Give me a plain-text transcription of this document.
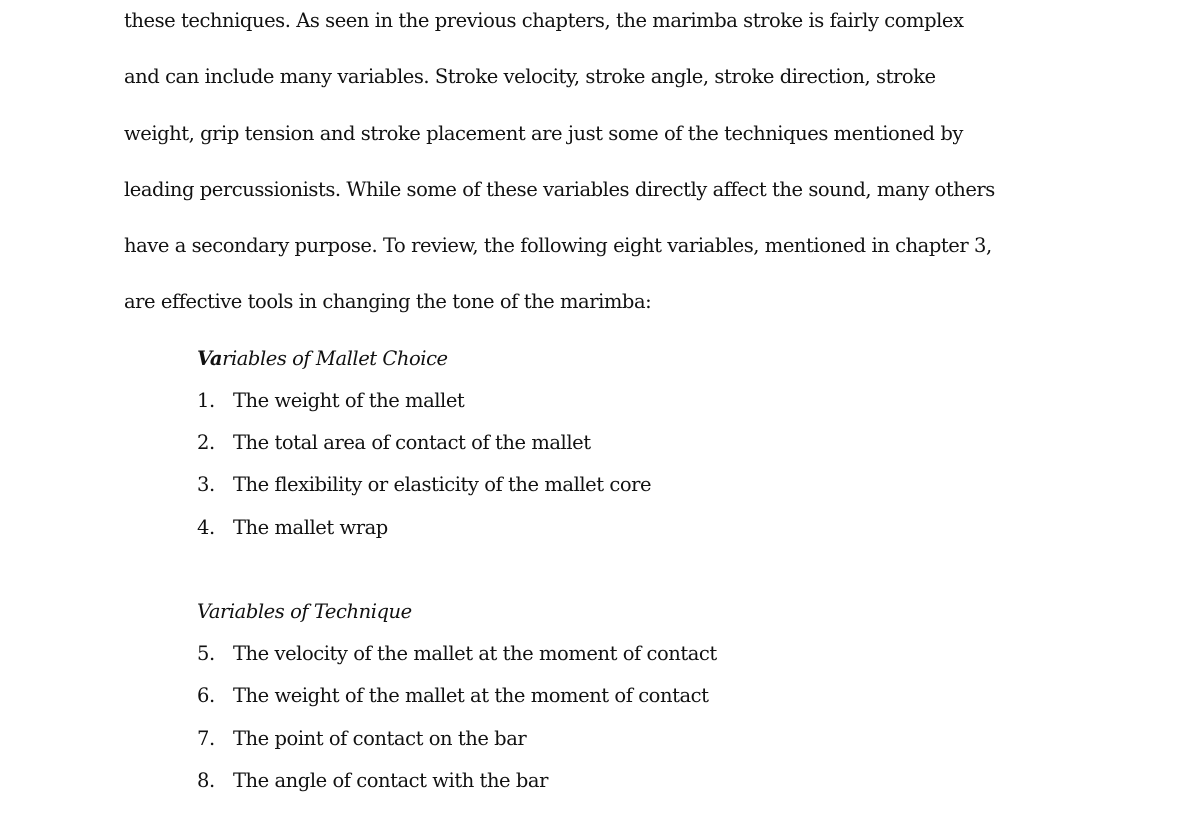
these techniques. As seen in the previous chapters, the marimba stroke is fairly complex
and can include many variables. Stroke velocity, stroke angle, stroke direction, stroke
weight, grip tension and stroke placement are just some of the techniques mentioned by
leading percussionists. While some of these variables directly affect the sound, many others
have a secondary purpose. To review, the following eight variables, mentioned in chapter 3,
are effective tools in changing the tone of the marimba:
Variables of Mallet Choice
1. The weight of the mallet
2. The total area of contact of the mallet
3. The flexibility or elasticity of the mallet core
4. The mallet wrap
Variables of Technique
5. The velocity of the mallet at the moment of contact
6. The weight of the mallet at the moment of contact
7. The point of contact on the bar
8. The angle of contact with the bar
